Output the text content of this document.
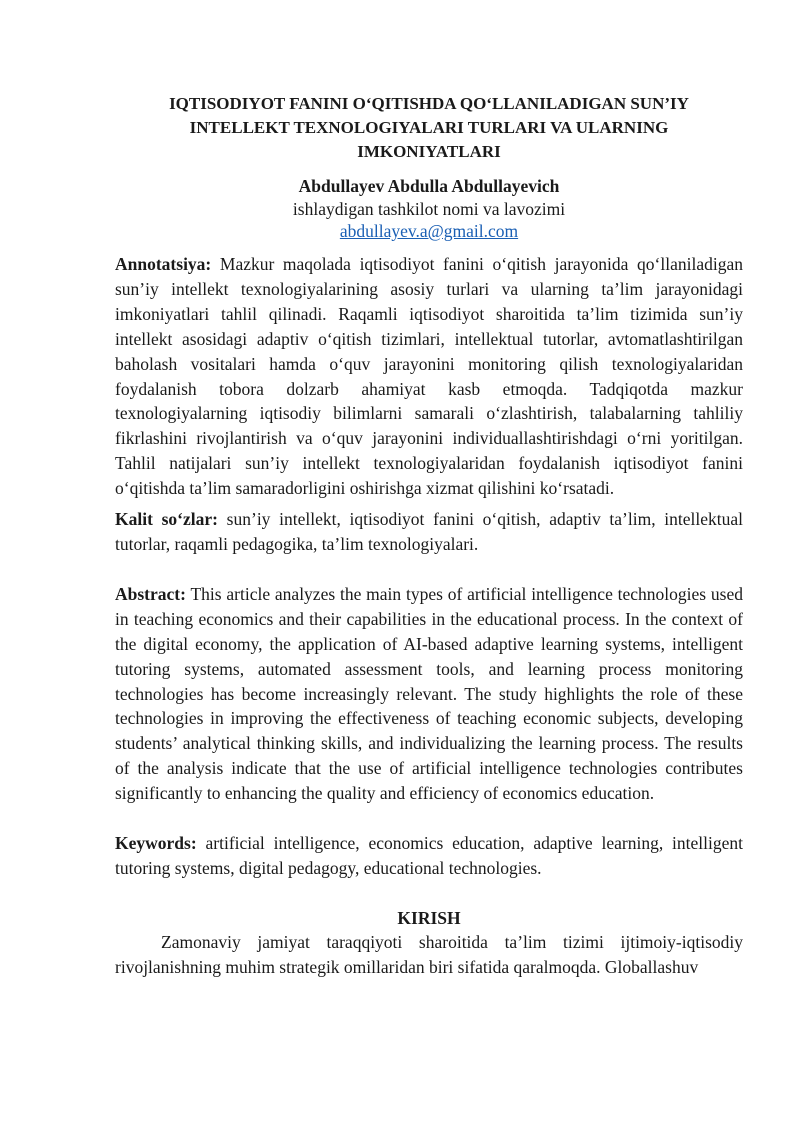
IQTISODIYOT FANINI O‘QITISHDA QO‘LLANILADIGAN SUN’IY INTELLEKT TEXNOLOGIYALARI TURLARI VA ULARNING IMKONIYATLARI
Abdullayev Abdulla Abdullayevich
ishlaydigan tashkilot nomi va lavozimi
abdullayev.a@gmail.com

Annotatsiya: Mazkur maqolada iqtisodiyot fanini o‘qitish jarayonida qo‘llaniladigan sun’iy intellekt texnologiyalarining asosiy turlari va ularning ta’lim jarayonidagi imkoniyatlari tahlil qilinadi. Raqamli iqtisodiyot sharoitida ta’lim tizimida sun’iy intellekt asosidagi adaptiv o‘qitish tizimlari, intellektual tutorlar, avtomatlashtirilgan baholash vositalari hamda o‘quv jarayonini monitoring qilish texnologiyalaridan foydalanish tobora dolzarb ahamiyat kasb etmoqda. Tadqiqotda mazkur texnologiyalarning iqtisodiy bilimlarni samarali o‘zlashtirish, talabalarning tahliliy fikrlashini rivojlantirish va o‘quv jarayonini individuallashtirishdagi o‘rni yoritilgan. Tahlil natijalari sun’iy intellekt texnologiyalaridan foydalanish iqtisodiyot fanini o‘qitishda ta’lim samaradorligini oshirishga xizmat qilishini ko‘rsatadi.

Kalit so‘zlar: sun’iy intellekt, iqtisodiyot fanini o‘qitish, adaptiv ta’lim, intellektual tutorlar, raqamli pedagogika, ta’lim texnologiyalari.

Abstract: This article analyzes the main types of artificial intelligence technologies used in teaching economics and their capabilities in the educational process. In the context of the digital economy, the application of AI-based adaptive learning systems, intelligent tutoring systems, automated assessment tools, and learning process monitoring technologies has become increasingly relevant. The study highlights the role of these technologies in improving the effectiveness of teaching economic subjects, developing students’ analytical thinking skills, and individualizing the learning process. The results of the analysis indicate that the use of artificial intelligence technologies contributes significantly to enhancing the quality and efficiency of economics education.

Keywords: artificial intelligence, economics education, adaptive learning, intelligent tutoring systems, digital pedagogy, educational technologies.

KIRISH

Zamonaviy jamiyat taraqqiyoti sharoitida ta’lim tizimi ijtimoiy-iqtisodiy rivojlanishning muhim strategik omillaridan biri sifatida qaralmoqda. Globallashuv
